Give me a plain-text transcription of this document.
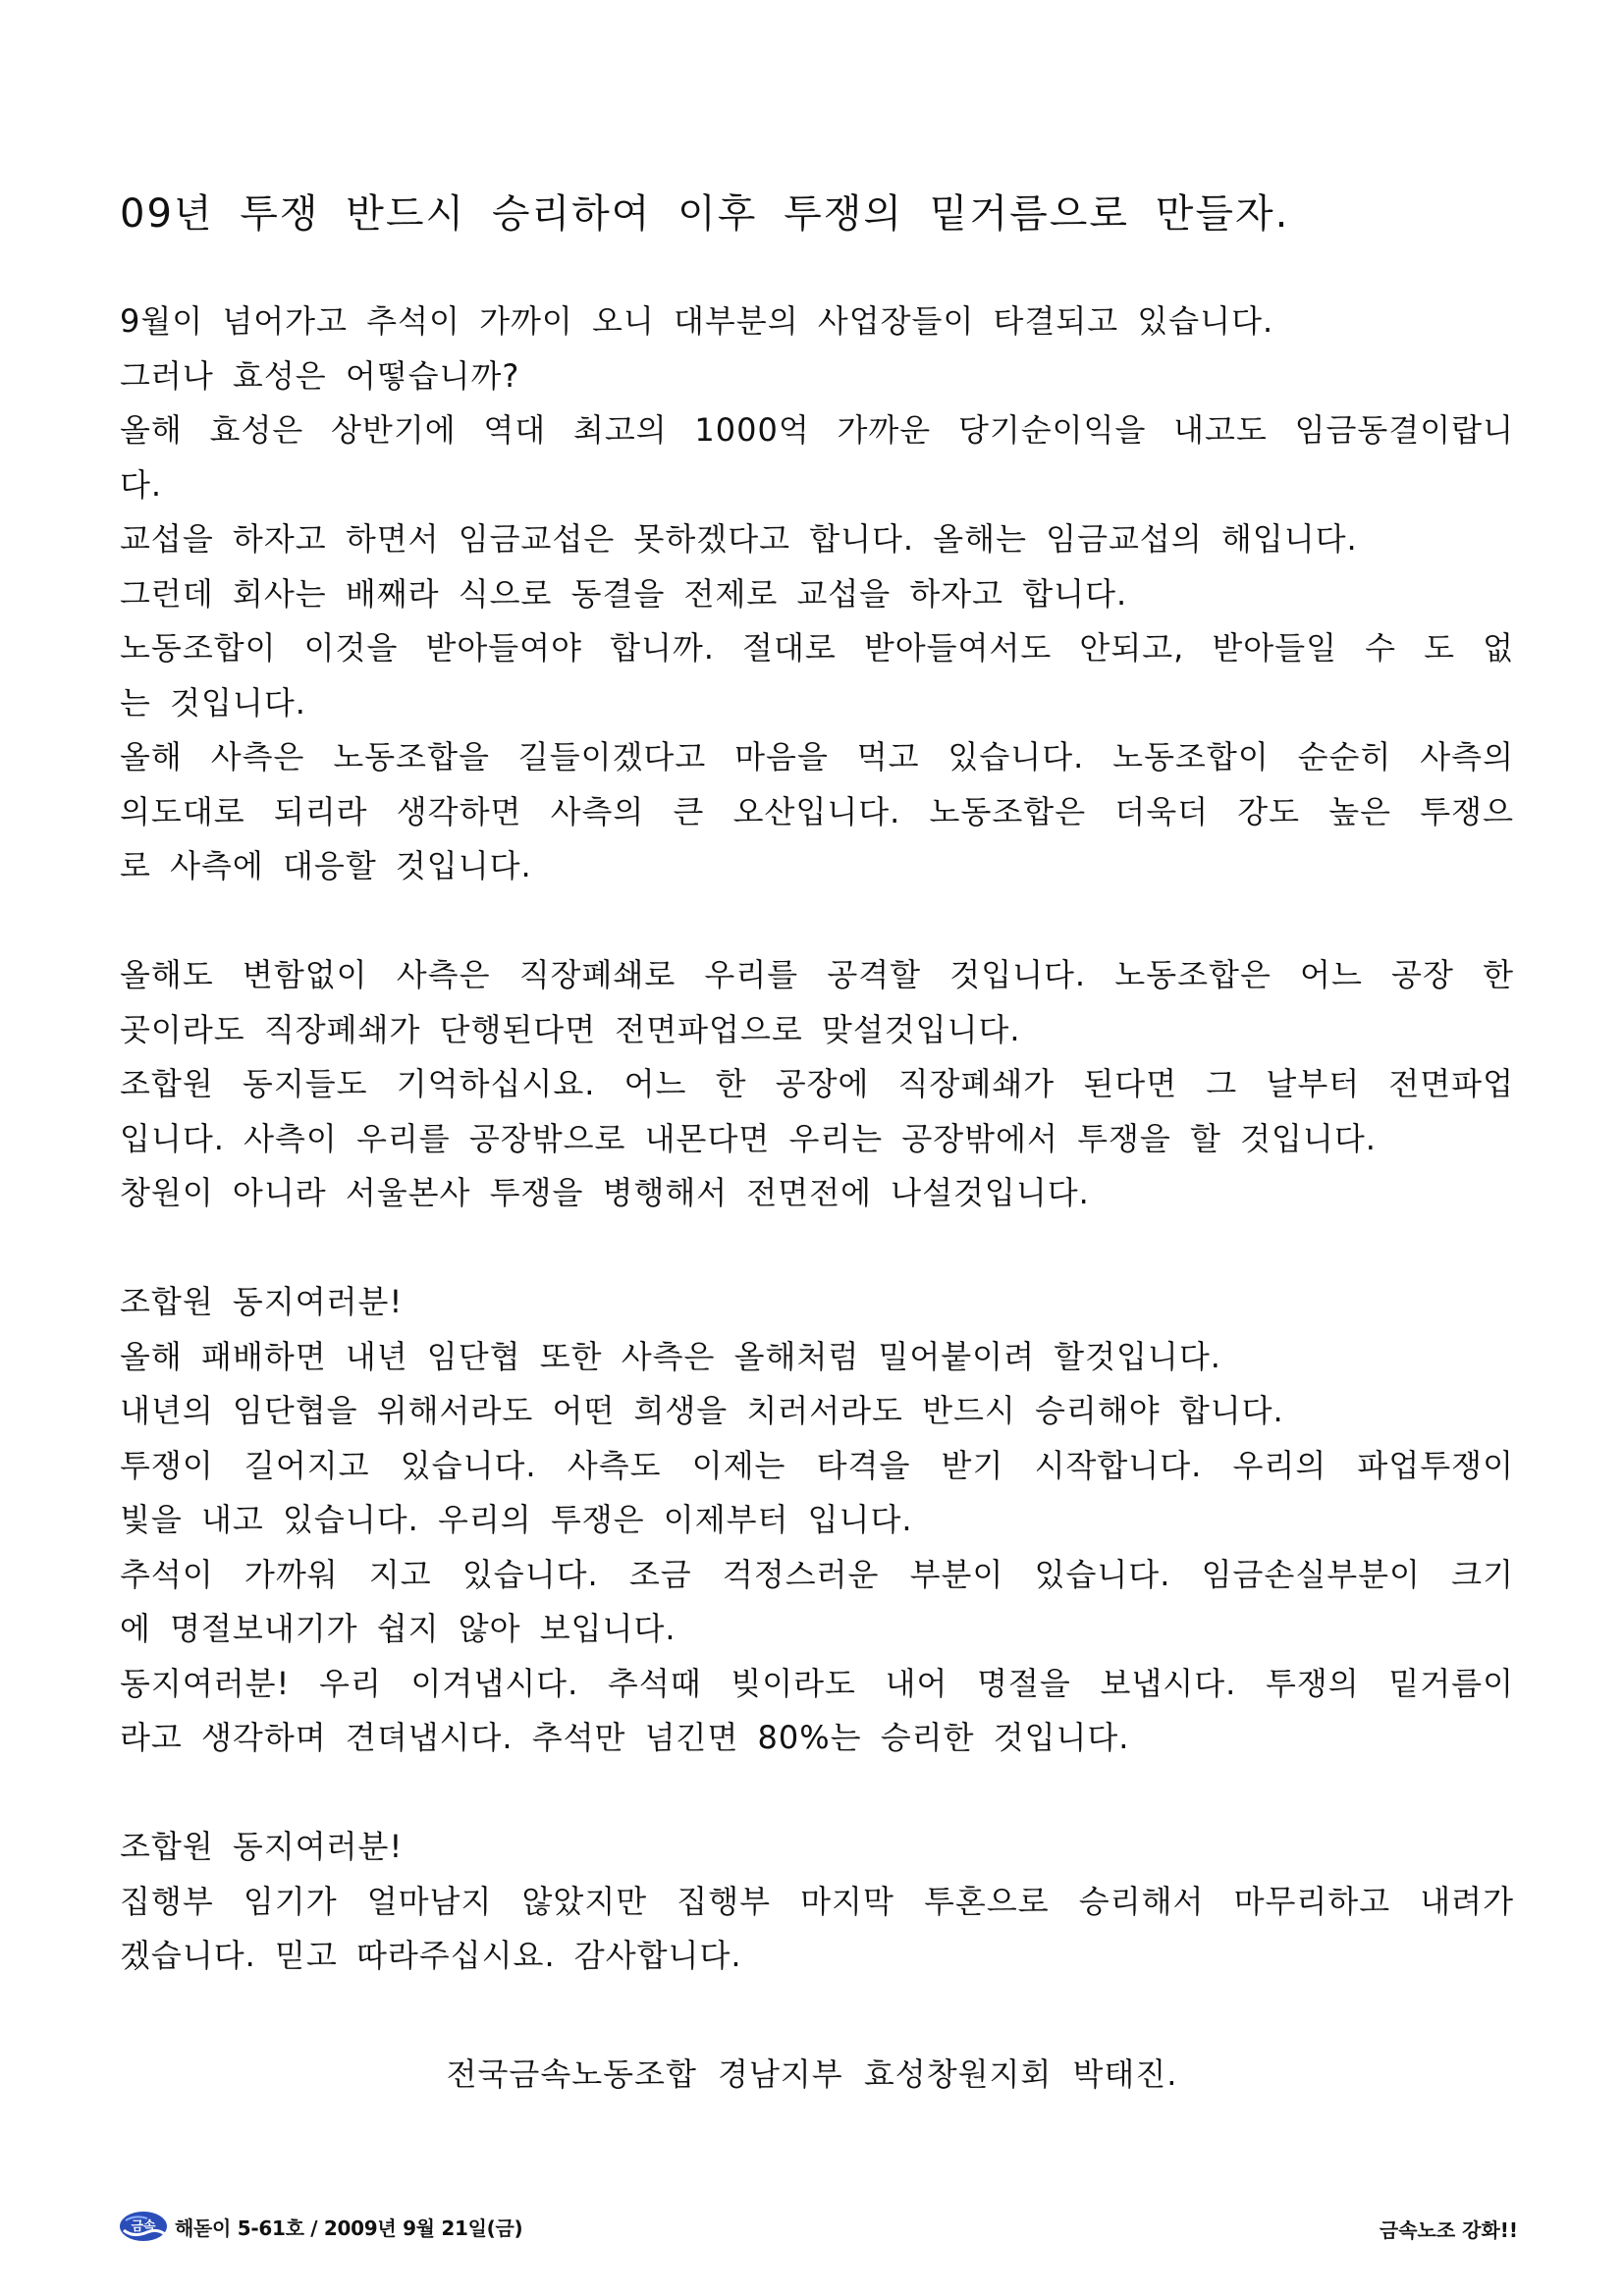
09년 투쟁 반드시 승리하여 이후 투쟁의 밑거름으로 만들자.
9월이 넘어가고 추석이 가까이 오니 대부분의 사업장들이 타결되고 있습니다.
그러나 효성은 어떻습니까?
올해 효성은 상반기에 역대 최고의 1000억 가까운 당기순이익을 내고도 임금동결이랍니
다.
교섭을 하자고 하면서 임금교섭은 못하겠다고 합니다. 올해는 임금교섭의 해입니다.
그런데 회사는 배째라 식으로 동결을 전제로 교섭을 하자고 합니다.
노동조합이 이것을 받아들여야 합니까. 절대로 받아들여서도 안되고, 받아들일 수 도 없
는 것입니다.
올해 사측은 노동조합을 길들이겠다고 마음을 먹고 있습니다. 노동조합이 순순히 사측의
의도대로 되리라 생각하면 사측의 큰 오산입니다. 노동조합은 더욱더 강도 높은 투쟁으
로 사측에 대응할 것입니다.
올해도 변함없이 사측은 직장폐쇄로 우리를 공격할 것입니다. 노동조합은 어느 공장 한
곳이라도 직장폐쇄가 단행된다면 전면파업으로 맞설것입니다.
조합원 동지들도 기억하십시요. 어느 한 공장에 직장폐쇄가 된다면 그 날부터 전면파업
입니다. 사측이 우리를 공장밖으로 내몬다면 우리는 공장밖에서 투쟁을 할 것입니다.
창원이 아니라 서울본사 투쟁을 병행해서 전면전에 나설것입니다.
조합원 동지여러분!
올해 패배하면 내년 임단협 또한 사측은 올해처럼 밀어붙이려 할것입니다.
내년의 임단협을 위해서라도 어떤 희생을 치러서라도 반드시 승리해야 합니다.
투쟁이 길어지고 있습니다. 사측도 이제는 타격을 받기 시작합니다. 우리의 파업투쟁이
빛을 내고 있습니다. 우리의 투쟁은 이제부터 입니다.
추석이 가까워 지고 있습니다. 조금 걱정스러운 부분이 있습니다. 임금손실부분이 크기
에 명절보내기가 쉽지 않아 보입니다.
동지여러분! 우리 이겨냅시다. 추석때 빚이라도 내어 명절을 보냅시다. 투쟁의 밑거름이
라고 생각하며 견뎌냅시다. 추석만 넘긴면 80%는 승리한 것입니다.
조합원 동지여러분!
집행부 임기가 얼마남지 않았지만 집행부 마지막 투혼으로 승리해서 마무리하고 내려가
겠습니다. 믿고 따라주십시요. 감사합니다.
전국금속노동조합 경남지부 효성창원지회 박태진.
금속 해돋이 5-61호 / 2009년 9월 21일(금)	금속노조 강화!!
